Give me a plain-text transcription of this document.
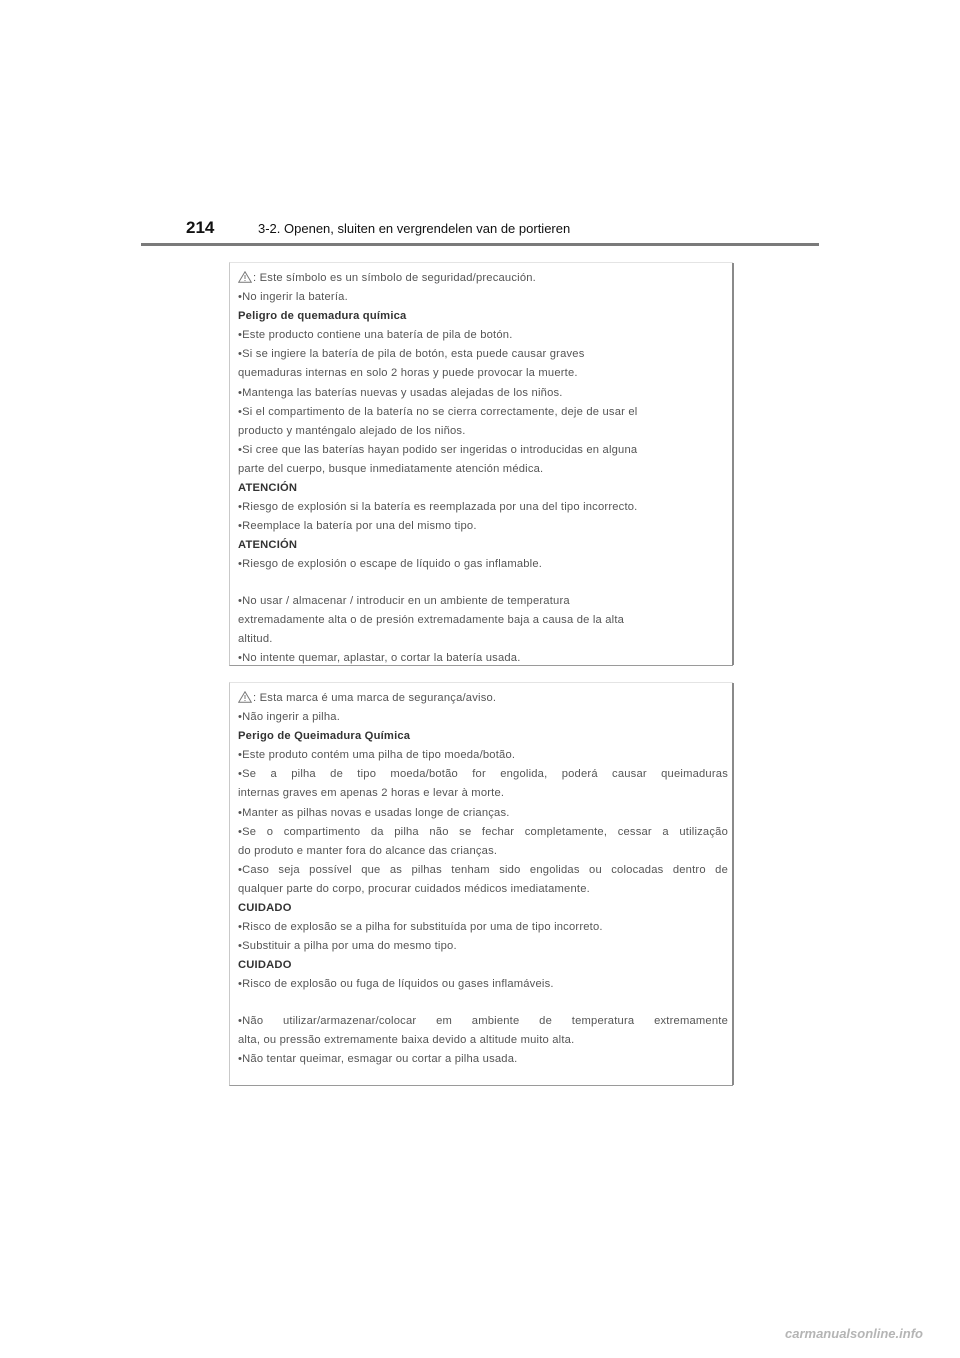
214	3-2. Openen, sluiten en vergrendelen van de portieren
: Este símbolo es un símbolo de seguridad/precaución.
•No ingerir la batería.
Peligro de quemadura química
•Este producto contiene una batería de pila de botón.
•Si se ingiere la batería de pila de botón, esta puede causar graves
quemaduras internas en solo 2 horas y puede provocar la muerte.
•Mantenga las baterías nuevas y usadas alejadas de los niños.
•Si el compartimento de la batería no se cierra correctamente, deje de usar el
producto y manténgalo alejado de los niños.
•Si cree que las baterías hayan podido ser ingeridas o introducidas en alguna
parte del cuerpo, busque inmediatamente atención médica.
ATENCIÓN
•Riesgo de explosión si la batería es reemplazada por una del tipo incorrecto.
•Reemplace la batería por una del mismo tipo.
ATENCIÓN
•Riesgo de explosión o escape de líquido o gas inflamable.
•No usar / almacenar / introducir en un ambiente de temperatura
extremadamente alta o de presión extremadamente baja a causa de la alta
altitud.
•No intente quemar, aplastar, o cortar la batería usada.
: Esta marca é uma marca de segurança/aviso.
•Não ingerir a pilha.
Perigo de Queimadura Química
•Este produto contém uma pilha de tipo moeda/botão.
•Se a pilha de tipo moeda/botão for engolida, poderá causar queimaduras
internas graves em apenas 2 horas e levar à morte.
•Manter as pilhas novas e usadas longe de crianças.
•Se o compartimento da pilha não se fechar completamente, cessar a utilização
do produto e manter fora do alcance das crianças.
•Caso seja possível que as pilhas tenham sido engolidas ou colocadas dentro de
qualquer parte do corpo, procurar cuidados médicos imediatamente.
CUIDADO
•Risco de explosão se a pilha for substituída por uma de tipo incorreto.
•Substituir a pilha por uma do mesmo tipo.
CUIDADO
•Risco de explosão ou fuga de líquidos ou gases inflamáveis.
•Não utilizar/armazenar/colocar em ambiente de temperatura extremamente
alta, ou pressão extremamente baixa devido a altitude muito alta.
•Não tentar queimar, esmagar ou cortar a pilha usada.
carmanualsonline.info
